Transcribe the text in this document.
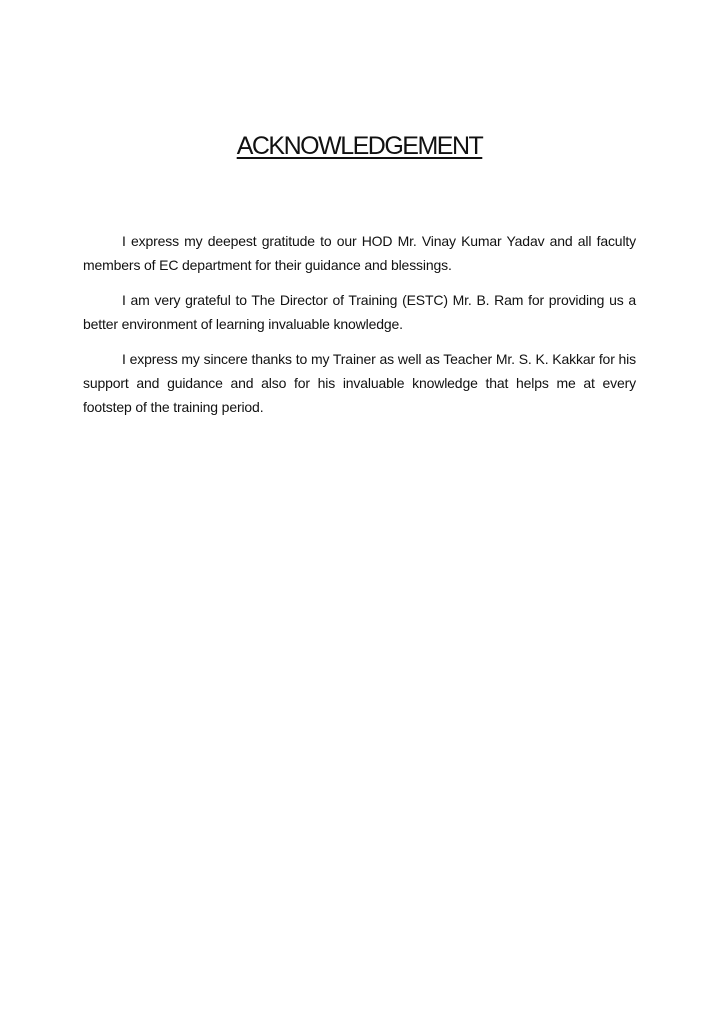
ACKNOWLEDGEMENT

I express my deepest gratitude to our HOD Mr. Vinay Kumar Yadav and all faculty members of EC department for their guidance and blessings.

I am very grateful to The Director of Training (ESTC) Mr. B. Ram for providing us a better environment of learning invaluable knowledge.

I express my sincere thanks to my Trainer as well as Teacher Mr. S. K. Kakkar for his support and guidance and also for his invaluable knowledge that helps me at every footstep of the training period.
